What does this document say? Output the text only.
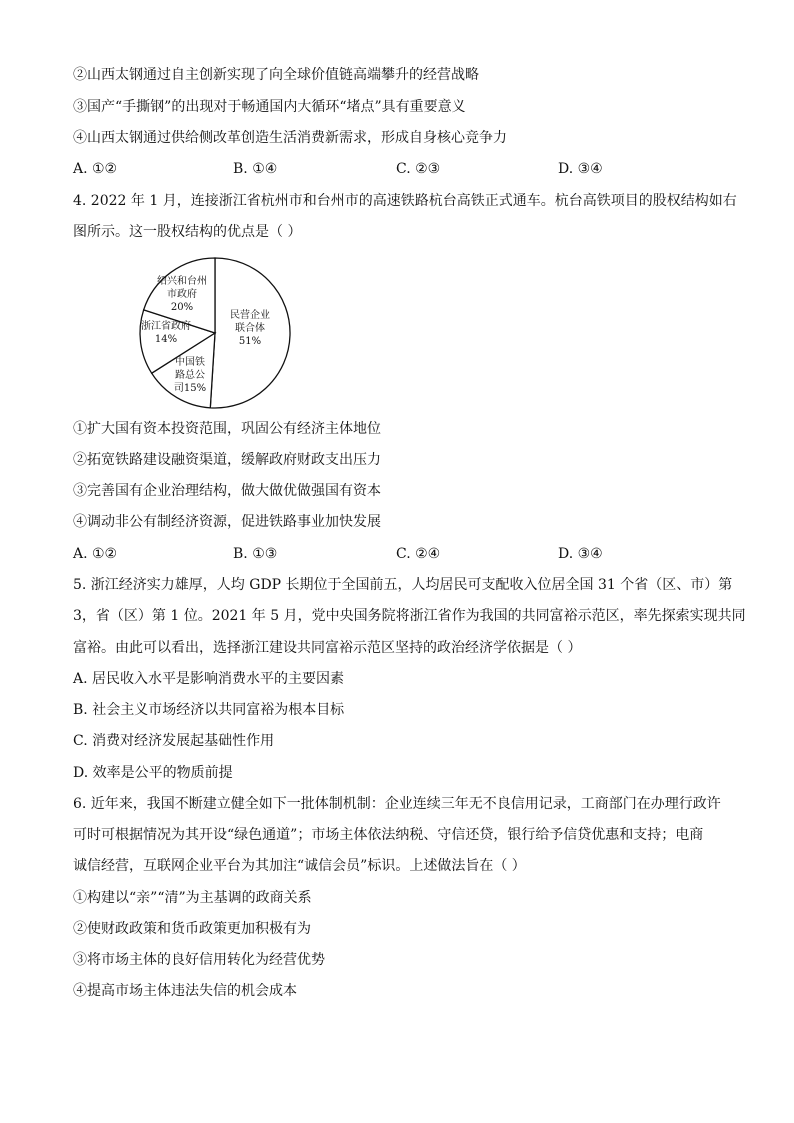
②山西太钢通过自主创新实现了向全球价值链高端攀升的经营战略
③国产“手撕钢”的出现对于畅通国内大循环“堵点”具有重要意义
④山西太钢通过供给侧改革创造生活消费新需求，形成自身核心竞争力
A. ①②	B. ①④	C. ②③	D. ③④
4. 2022 年 1 月，连接浙江省杭州市和台州市的高速铁路杭台高铁正式通车。杭台高铁项目的股权结构如右
图所示。这一股权结构的优点是（ ）
民营企业联合体 51%
中国铁路总公司15%
浙江省政府 14%
绍兴和台州市政府 20%
①扩大国有资本投资范围，巩固公有经济主体地位
②拓宽铁路建设融资渠道，缓解政府财政支出压力
③完善国有企业治理结构，做大做优做强国有资本
④调动非公有制经济资源，促进铁路事业加快发展
A. ①②	B. ①③	C. ②④	D. ③④
5. 浙江经济实力雄厚，人均 GDP 长期位于全国前五，人均居民可支配收入位居全国 31 个省（区、市）第
3，省（区）第 1 位。2021 年 5 月，党中央国务院将浙江省作为我国的共同富裕示范区，率先探索实现共同
富裕。由此可以看出，选择浙江建设共同富裕示范区坚持的政治经济学依据是（ ）
A. 居民收入水平是影响消费水平的主要因素
B. 社会主义市场经济以共同富裕为根本目标
C. 消费对经济发展起基础性作用
D. 效率是公平的物质前提
6. 近年来，我国不断建立健全如下一批体制机制：企业连续三年无不良信用记录，工商部门在办理行政许
可时可根据情况为其开设“绿色通道”；市场主体依法纳税、守信还贷，银行给予信贷优惠和支持；电商
诚信经营，互联网企业平台为其加注“诚信会员”标识。上述做法旨在（ ）
①构建以“亲”“清”为主基调的政商关系
②使财政政策和货币政策更加积极有为
③将市场主体的良好信用转化为经营优势
④提高市场主体违法失信的机会成本
